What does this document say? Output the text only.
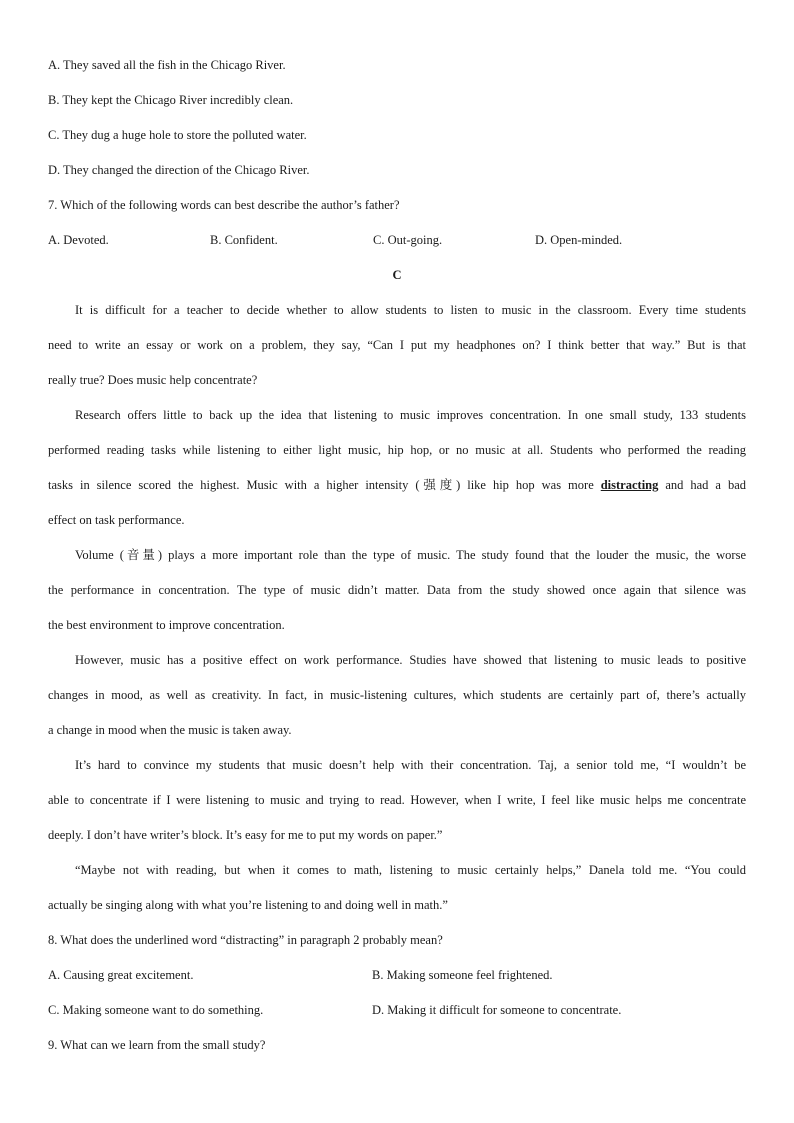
A. They saved all the fish in the Chicago River.

B. They kept the Chicago River incredibly clean.

C. They dug a huge hole to store the polluted water.

D. They changed the direction of the Chicago River.

7. Which of the following words can best describe the author’s father?

A. Devoted.	B. Confident.	C. Out-going.	D. Open-minded.

C

It is difficult for a teacher to decide whether to allow students to listen to music in the classroom. Every time students

need to write an essay or work on a problem, they say, “Can I put my headphones on? I think better that way.” But is that

really true? Does music help concentrate?

Research offers little to back up the idea that listening to music improves concentration. In one small study, 133 students

performed reading tasks while listening to either light music, hip hop, or no music at all. Students who performed the reading

tasks in silence scored the highest. Music with a higher intensity (强度) like hip hop was more distracting and had a bad

effect on task performance.

Volume (音量) plays a more important role than the type of music. The study found that the louder the music, the worse

the performance in concentration. The type of music didn’t matter. Data from the study showed once again that silence was

the best environment to improve concentration.

However, music has a positive effect on work performance. Studies have showed that listening to music leads to positive

changes in mood, as well as creativity. In fact, in music-listening cultures, which students are certainly part of, there’s actually

a change in mood when the music is taken away.

It’s hard to convince my students that music doesn’t help with their concentration. Taj, a senior told me, “I wouldn’t be

able to concentrate if I were listening to music and trying to read. However, when I write, I feel like music helps me concentrate

deeply. I don’t have writer’s block. It’s easy for me to put my words on paper.”

“Maybe not with reading, but when it comes to math, listening to music certainly helps,” Danela told me. “You could

actually be singing along with what you’re listening to and doing well in math.”

8. What does the underlined word “distracting” in paragraph 2 probably mean?

A. Causing great excitement.	B. Making someone feel frightened.
C. Making someone want to do something.	D. Making it difficult for someone to concentrate.

9. What can we learn from the small study?
